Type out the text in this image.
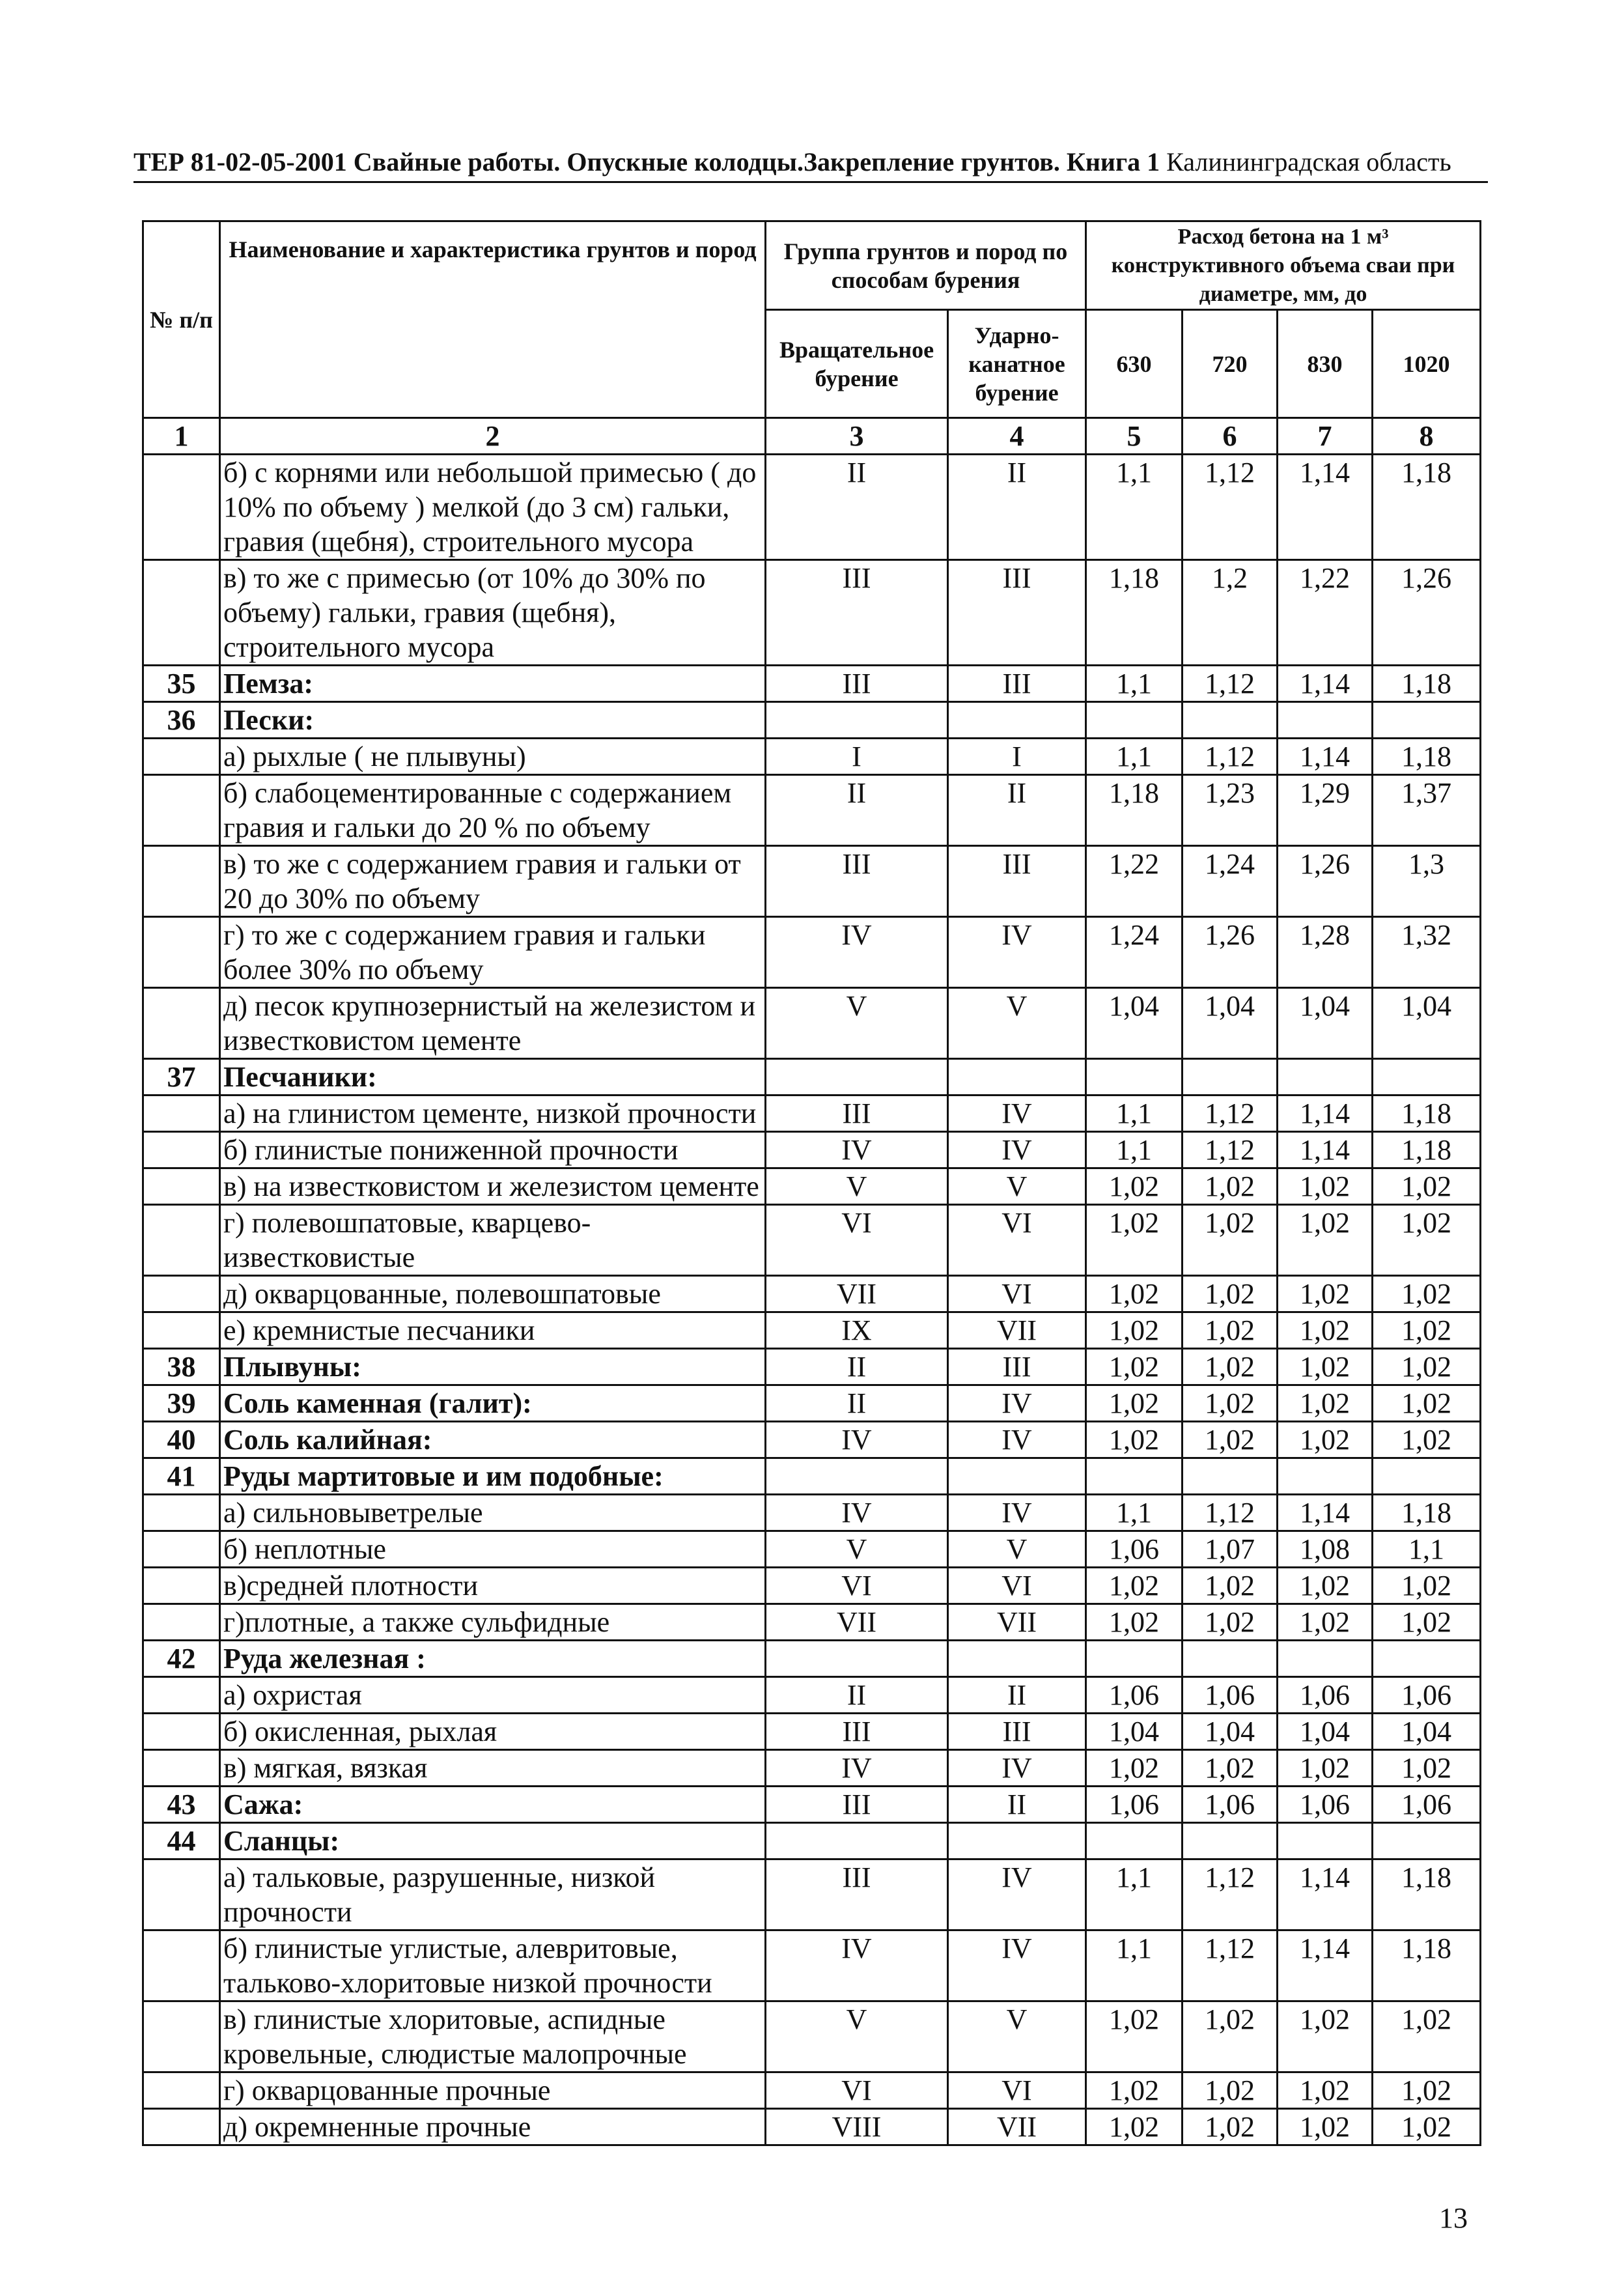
ТЕР 81-02-05-2001 Свайные работы. Опускные колодцы.Закрепление грунтов. Книга 1 Калининградская область
№ п/п	Наименование и характеристика грунтов и пород	Группа грунтов и пород по способам бурения		Расход бетона на 1 м³ конструктивного объема сваи при диаметре, мм, до			
		Вращательное бурение	Ударно-канатное бурение	630	720	830	1020
1	2	3	4	5	6	7	8
	б) с корнями или небольшой примесью ( до 10% по объему ) мелкой (до 3 см) гальки, гравия (щебня), строительного мусора	II	II	1,1	1,12	1,14	1,18
	в) то же с примесью (от 10% до 30% по объему) гальки, гравия (щебня), строительного мусора	III	III	1,18	1,2	1,22	1,26
35	Пемза:	III	III	1,1	1,12	1,14	1,18
36	Пески:						
	а) рыхлые ( не плывуны)	I	I	1,1	1,12	1,14	1,18
	б) слабоцементированные с содержанием гравия и гальки до 20 % по объему	II	II	1,18	1,23	1,29	1,37
	в) то же с содержанием гравия и гальки от 20 до 30% по объему	III	III	1,22	1,24	1,26	1,3
	г) то же с содержанием гравия и гальки более 30% по объему	IV	IV	1,24	1,26	1,28	1,32
	д) песок крупнозернистый на железистом и известковистом цементе	V	V	1,04	1,04	1,04	1,04
37	Песчаники:						
	а) на глинистом цементе, низкой прочности	III	IV	1,1	1,12	1,14	1,18
	б) глинистые пониженной прочности	IV	IV	1,1	1,12	1,14	1,18
	в) на известковистом и железистом цементе	V	V	1,02	1,02	1,02	1,02
	г) полевошпатовые, кварцево-известковистые	VI	VI	1,02	1,02	1,02	1,02
	д) окварцованные, полевошпатовые	VII	VI	1,02	1,02	1,02	1,02
	е) кремнистые песчаники	IX	VII	1,02	1,02	1,02	1,02
38	Плывуны:	II	III	1,02	1,02	1,02	1,02
39	Соль каменная (галит):	II	IV	1,02	1,02	1,02	1,02
40	Соль калийная:	IV	IV	1,02	1,02	1,02	1,02
41	Руды мартитовые и им подобные:						
	а) сильновыветрелые	IV	IV	1,1	1,12	1,14	1,18
	б) неплотные	V	V	1,06	1,07	1,08	1,1
	в)средней плотности	VI	VI	1,02	1,02	1,02	1,02
	г)плотные, а также сульфидные	VII	VII	1,02	1,02	1,02	1,02
42	Руда железная :						
	а) охристая	II	II	1,06	1,06	1,06	1,06
	б) окисленная, рыхлая	III	III	1,04	1,04	1,04	1,04
	в) мягкая, вязкая	IV	IV	1,02	1,02	1,02	1,02
43	Сажа:	III	II	1,06	1,06	1,06	1,06
44	Сланцы:						
	а) тальковые, разрушенные, низкой прочности	III	IV	1,1	1,12	1,14	1,18
	б) глинистые углистые, алевритовые, тальково-хлоритовые низкой прочности	IV	IV	1,1	1,12	1,14	1,18
	в) глинистые хлоритовые, аспидные кровельные, слюдистые малопрочные	V	V	1,02	1,02	1,02	1,02
	г) окварцованные прочные	VI	VI	1,02	1,02	1,02	1,02
	д) окремненные прочные	VIII	VII	1,02	1,02	1,02	1,02
13
